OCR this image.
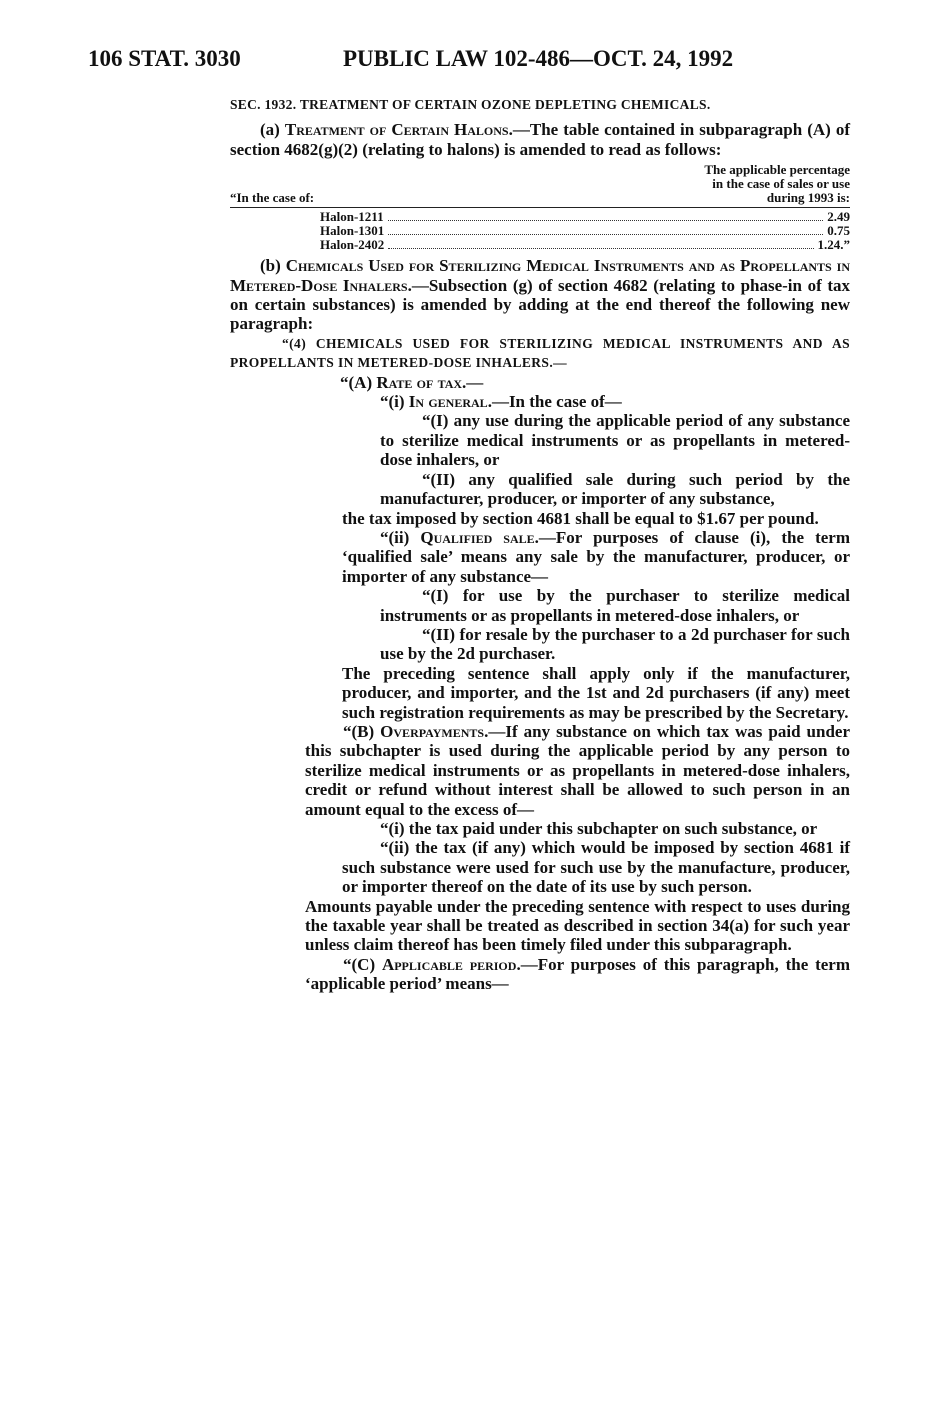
106 STAT. 3030	PUBLIC LAW 102-486—OCT. 24, 1992

SEC. 1932. TREATMENT OF CERTAIN OZONE DEPLETING CHEMICALS.

(a) Treatment of Certain Halons.—The table contained in subparagraph (A) of section 4682(g)(2) (relating to halons) is amended to read as follows:

“In the case of:
The applicable percentage
in the case of sales or use
during 1993 is:
Halon-1211	2.49
Halon-1301	0.75
Halon-2402	1.24.”

(b) Chemicals Used for Sterilizing Medical Instruments and as Propellants in Metered-Dose Inhalers.—Subsection (g) of section 4682 (relating to phase-in of tax on certain substances) is amended by adding at the end thereof the following new paragraph:

“(4) CHEMICALS USED FOR STERILIZING MEDICAL INSTRUMENTS AND AS PROPELLANTS IN METERED-DOSE INHALERS.—

“(A) Rate of tax.—

“(i) In general.—In the case of—

“(I) any use during the applicable period of any substance to sterilize medical instruments or as propellants in metered-dose inhalers, or

“(II) any qualified sale during such period by the manufacturer, producer, or importer of any substance,

the tax imposed by section 4681 shall be equal to $1.67 per pound.

“(ii) Qualified sale.—For purposes of clause (i), the term ‘qualified sale’ means any sale by the manufacturer, producer, or importer of any substance—

“(I) for use by the purchaser to sterilize medical instruments or as propellants in metered-dose inhalers, or

“(II) for resale by the purchaser to a 2d purchaser for such use by the 2d purchaser.

The preceding sentence shall apply only if the manufacturer, producer, and importer, and the 1st and 2d purchasers (if any) meet such registration requirements as may be prescribed by the Secretary.

“(B) Overpayments.—If any substance on which tax was paid under this subchapter is used during the applicable period by any person to sterilize medical instruments or as propellants in metered-dose inhalers, credit or refund without interest shall be allowed to such person in an amount equal to the excess of—

“(i) the tax paid under this subchapter on such substance, or

“(ii) the tax (if any) which would be imposed by section 4681 if such substance were used for such use by the manufacture, producer, or importer thereof on the date of its use by such person.

Amounts payable under the preceding sentence with respect to uses during the taxable year shall be treated as described in section 34(a) for such year unless claim thereof has been timely filed under this subparagraph.

“(C) Applicable period.—For purposes of this paragraph, the term ‘applicable period’ means—
